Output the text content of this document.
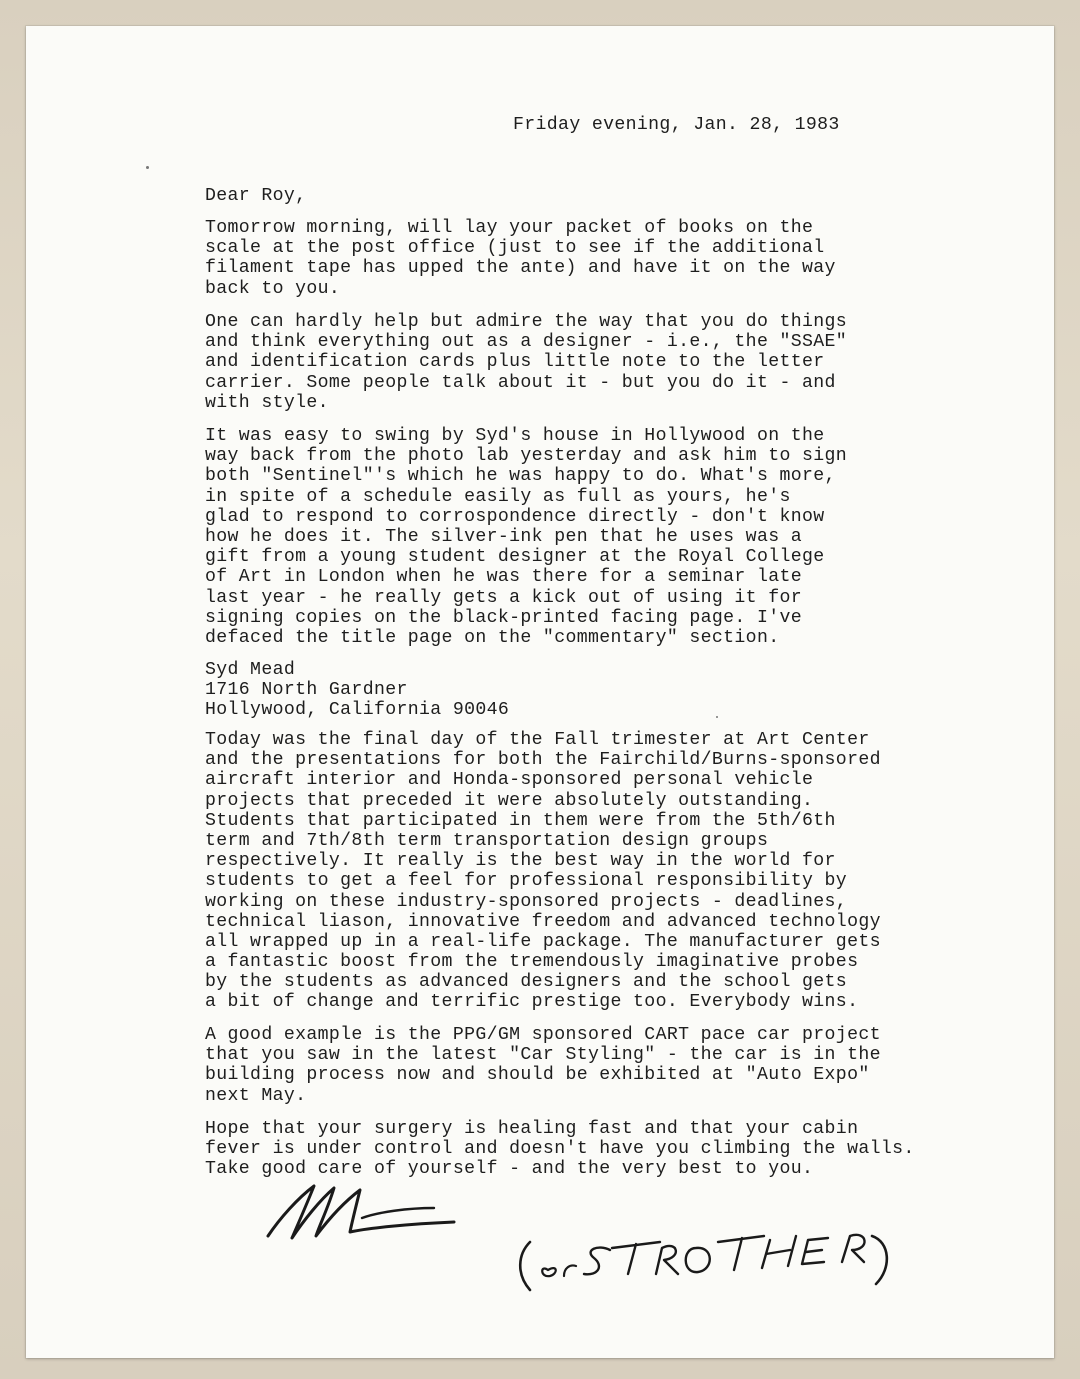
Friday evening, Jan. 28, 1983

Dear Roy,

Tomorrow morning, will lay your packet of books on the
scale at the post office (just to see if the additional
filament tape has upped the ante) and have it on the way
back to you.
One can hardly help but admire the way that you do things
and think everything out as a designer - i.e., the "SSAE"
and identification cards plus little note to the letter
carrier. Some people talk about it - but you do it - and
with style.
It was easy to swing by Syd's house in Hollywood on the
way back from the photo lab yesterday and ask him to sign
both "Sentinel"'s which he was happy to do. What's more,
in spite of a schedule easily as full as yours, he's
glad to respond to corrospondence directly - don't know
how he does it. The silver-ink pen that he uses was a
gift from a young student designer at the Royal College
of Art in London when he was there for a seminar late
last year - he really gets a kick out of using it for
signing copies on the black-printed facing page. I've
defaced the title page on the "commentary" section.
Syd Mead
1716 North Gardner
Hollywood, California 90046
Today was the final day of the Fall trimester at Art Center
and the presentations for both the Fairchild/Burns-sponsored
aircraft interior and Honda-sponsored personal vehicle
projects that preceded it were absolutely outstanding.
Students that participated in them were from the 5th/6th
term and 7th/8th term transportation design groups
respectively. It really is the best way in the world for
students to get a feel for professional responsibility by
working on these industry-sponsored projects - deadlines,
technical liason, innovative freedom and advanced technology
all wrapped up in a real-life package. The manufacturer gets
a fantastic boost from the tremendously imaginative probes
by the students as advanced designers and the school gets
a bit of change and terrific prestige too. Everybody wins.
A good example is the PPG/GM sponsored CART pace car project
that you saw in the latest "Car Styling" - the car is in the
building process now and should be exhibited at "Auto Expo"
next May.
Hope that your surgery is healing fast and that your cabin
fever is under control and doesn't have you climbing the walls.
Take good care of yourself - and the very best to you.
